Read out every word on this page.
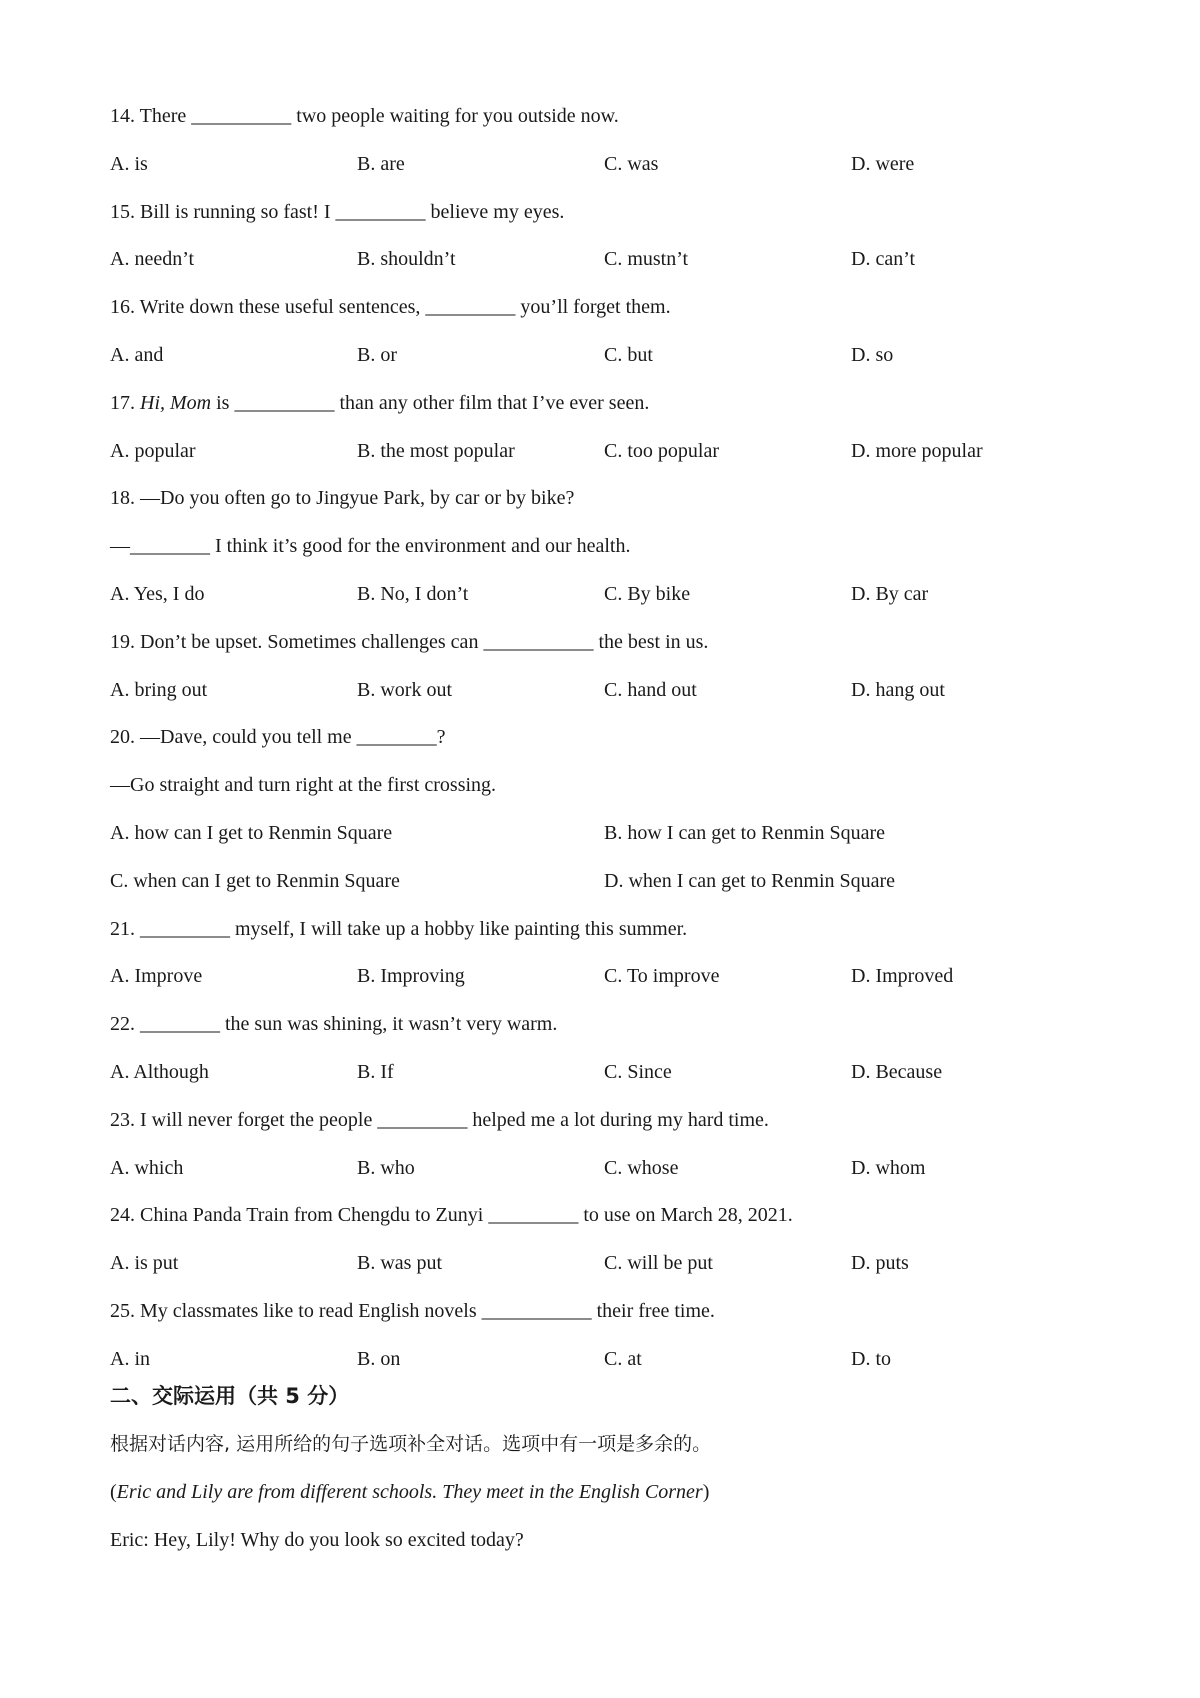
14. There __________ two people waiting for you outside now.
A. is	B. are	C. was	D. were
15. Bill is running so fast! I _________ believe my eyes.
A. needn’t	B. shouldn’t	C. mustn’t	D. can’t
16. Write down these useful sentences, _________ you’ll forget them.
A. and	B. or	C. but	D. so
17. Hi, Mom is __________ than any other film that I’ve ever seen.
A. popular	B. the most popular	C. too popular	D. more popular
18. —Do you often go to Jingyue Park, by car or by bike?
—________ I think it’s good for the environment and our health.
A. Yes, I do	B. No, I don’t	C. By bike	D. By car
19. Don’t be upset. Sometimes challenges can ___________ the best in us.
A. bring out	B. work out	C. hand out	D. hang out
20. —Dave, could you tell me ________?
—Go straight and turn right at the first crossing.
A. how can I get to Renmin Square	B. how I can get to Renmin Square
C. when can I get to Renmin Square	D. when I can get to Renmin Square
21. _________ myself, I will take up a hobby like painting this summer.
A. Improve	B. Improving	C. To improve	D. Improved
22. ________ the sun was shining, it wasn’t very warm.
A. Although	B. If	C. Since	D. Because
23. I will never forget the people _________ helped me a lot during my hard time.
A. which	B. who	C. whose	D. whom
24. China Panda Train from Chengdu to Zunyi _________ to use on March 28, 2021.
A. is put	B. was put	C. will be put	D. puts
25. My classmates like to read English novels ___________ their free time.
A. in	B. on	C. at	D. to
二、交际运用（共 5 分）
根据对话内容, 运用所给的句子选项补全对话。选项中有一项是多余的。
(Eric and Lily are from different schools. They meet in the English Corner)
Eric: Hey, Lily! Why do you look so excited today?
